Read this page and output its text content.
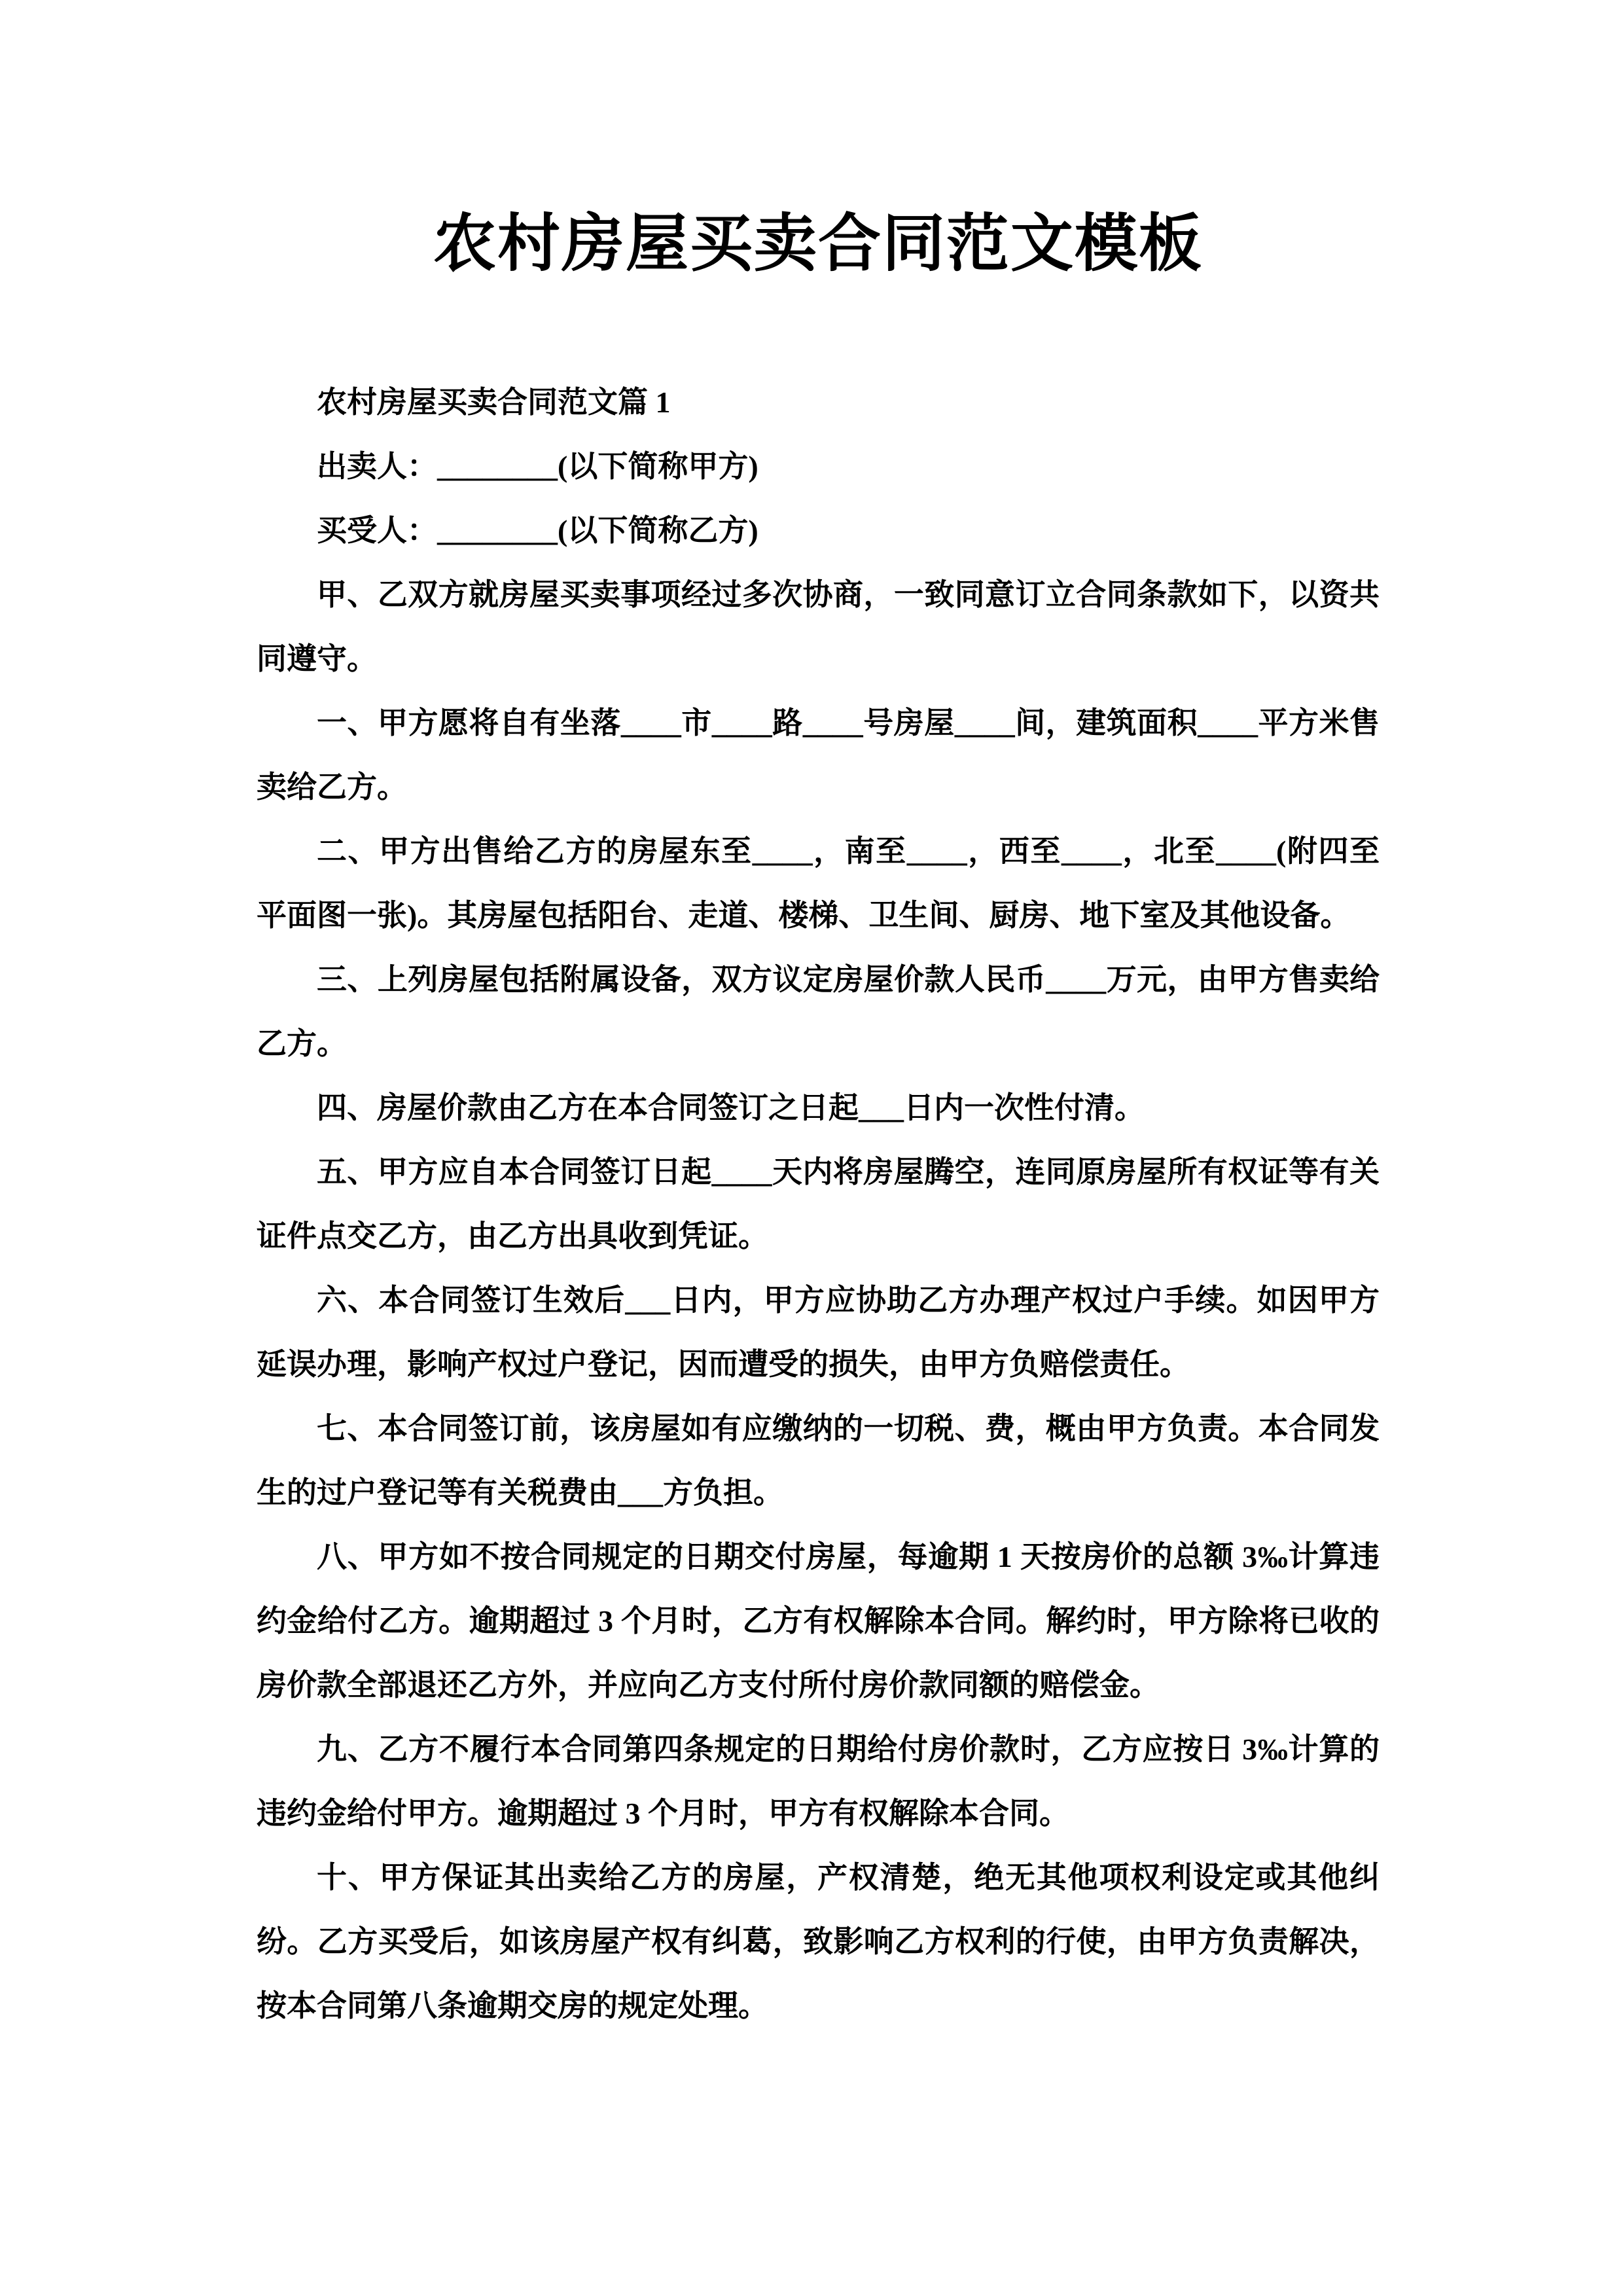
农村房屋买卖合同范文模板

农村房屋买卖合同范文篇 1

出卖人：________(以下简称甲方)

买受人：________(以下简称乙方)

甲、乙双方就房屋买卖事项经过多次协商，一致同意订立合同条款如下，以资共同遵守。

一、甲方愿将自有坐落____市____路____号房屋____间，建筑面积____平方米售卖给乙方。

二、甲方出售给乙方的房屋东至____，南至____，西至____，北至____(附四至平面图一张)。其房屋包括阳台、走道、楼梯、卫生间、厨房、地下室及其他设备。

三、上列房屋包括附属设备，双方议定房屋价款人民币____万元，由甲方售卖给乙方。

四、房屋价款由乙方在本合同签订之日起___日内一次性付清。

五、甲方应自本合同签订日起____天内将房屋腾空，连同原房屋所有权证等有关证件点交乙方，由乙方出具收到凭证。

六、本合同签订生效后___日内，甲方应协助乙方办理产权过户手续。如因甲方延误办理，影响产权过户登记，因而遭受的损失，由甲方负赔偿责任。

七、本合同签订前，该房屋如有应缴纳的一切税、费，概由甲方负责。本合同发生的过户登记等有关税费由___方负担。

八、甲方如不按合同规定的日期交付房屋，每逾期 1 天按房价的总额 3‰计算违约金给付乙方。逾期超过 3 个月时，乙方有权解除本合同。解约时，甲方除将已收的房价款全部退还乙方外，并应向乙方支付所付房价款同额的赔偿金。

九、乙方不履行本合同第四条规定的日期给付房价款时，乙方应按日 3‰计算的违约金给付甲方。逾期超过 3 个月时，甲方有权解除本合同。

十、甲方保证其出卖给乙方的房屋，产权清楚，绝无其他项权利设定或其他纠纷。乙方买受后，如该房屋产权有纠葛，致影响乙方权利的行使，由甲方负责解决，按本合同第八条逾期交房的规定处理。
